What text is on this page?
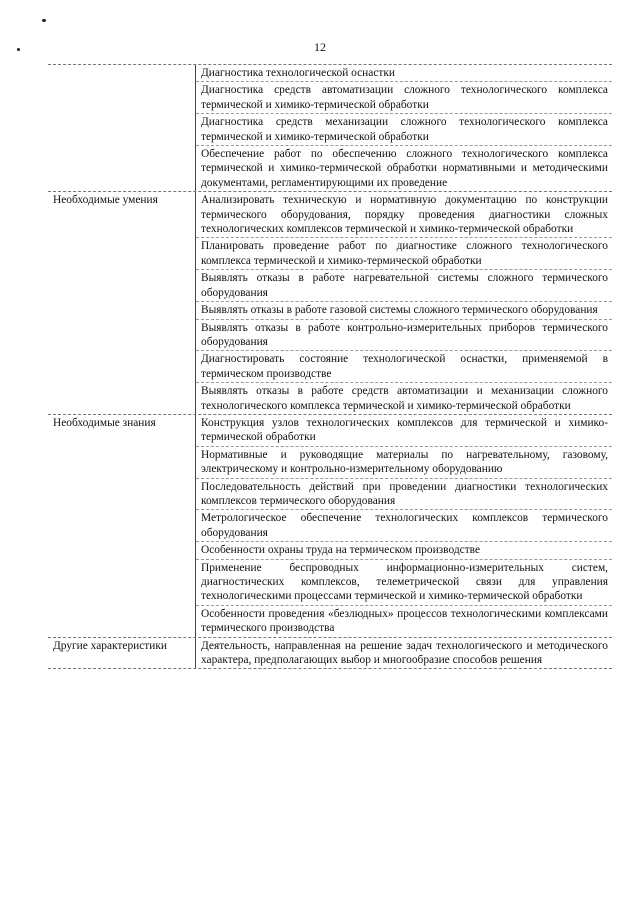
12
Диагностика технологической оснастки
Диагностика средств автоматизации сложного технологического комплекса термической и химико-термической обработки
Диагностика средств механизации сложного технологического комплекса термической и химико-термической обработки
Обеспечение работ по обеспечению сложного технологического комплекса термической и химико-термической обработки нормативными и методическими документами, регламентирующими их проведение
Необходимые умения	Анализировать техническую и нормативную документацию по конструкции термического оборудования, порядку проведения диагностики сложных технологических комплексов термической и химико-термической обработки
Планировать проведение работ по диагностике сложного технологического комплекса термической и химико-термической обработки
Выявлять отказы в работе нагревательной системы сложного термического оборудования
Выявлять отказы в работе газовой системы сложного термического оборудования
Выявлять отказы в работе контрольно-измерительных приборов термического оборудования
Диагностировать состояние технологической оснастки, применяемой в термическом производстве
Выявлять отказы в работе средств автоматизации и механизации сложного технологического комплекса термической и химико-термической обработки
Необходимые знания	Конструкция узлов технологических комплексов для термической и химико-термической обработки
Нормативные и руководящие материалы по нагревательному, газовому, электрическому и контрольно-измерительному оборудованию
Последовательность действий при проведении диагностики технологических комплексов термического оборудования
Метрологическое обеспечение технологических комплексов термического оборудования
Особенности охраны труда на термическом производстве
Применение беспроводных информационно-измерительных систем, диагностических комплексов, телеметрической связи для управления технологическими процессами термической и химико-термической обработки
Особенности проведения «безлюдных» процессов технологическими комплексами термического производства
Другие характеристики	Деятельность, направленная на решение задач технологического и методического характера, предполагающих выбор и многообразие способов решения
